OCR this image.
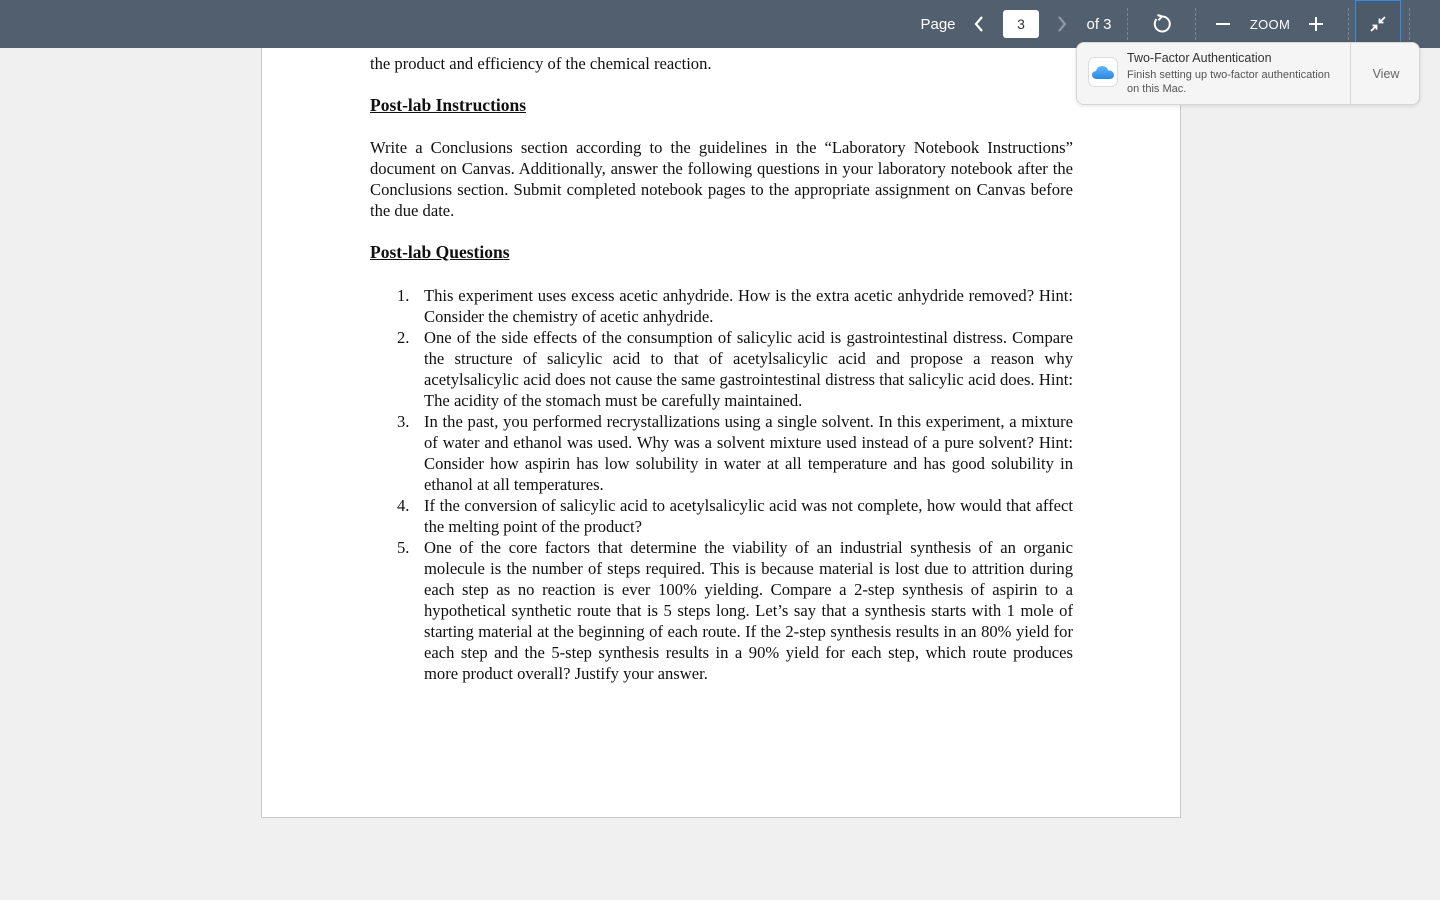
the product and efficiency of the chemical reaction.
Post-lab Instructions
Write a Conclusions section according to the guidelines in the “Laboratory Notebook Instructions” document on Canvas. Additionally, answer the following questions in your laboratory notebook after the Conclusions section. Submit completed notebook pages to the appropriate assignment on Canvas before the due date.
Post-lab Questions
1. This experiment uses excess acetic anhydride. How is the extra acetic anhydride removed? Hint: Consider the chemistry of acetic anhydride.
2. One of the side effects of the consumption of salicylic acid is gastrointestinal distress. Compare the structure of salicylic acid to that of acetylsalicylic acid and propose a reason why acetylsalicylic acid does not cause the same gastrointestinal distress that salicylic acid does. Hint: The acidity of the stomach must be carefully maintained.
3. In the past, you performed recrystallizations using a single solvent. In this experiment, a mixture of water and ethanol was used. Why was a solvent mixture used instead of a pure solvent? Hint: Consider how aspirin has low solubility in water at all temperature and has good solubility in ethanol at all temperatures.
4. If the conversion of salicylic acid to acetylsalicylic acid was not complete, how would that affect the melting point of the product?
5. One of the core factors that determine the viability of an industrial synthesis of an organic molecule is the number of steps required. This is because material is lost due to attrition during each step as no reaction is ever 100% yielding. Compare a 2-step synthesis of aspirin to a hypothetical synthetic route that is 5 steps long. Let’s say that a synthesis starts with 1 mole of starting material at the beginning of each route. If the 2-step synthesis results in an 80% yield for each step and the 5-step synthesis results in a 90% yield for each step, which route produces more product overall? Justify your answer.
Page	3	of 3	ZOOM
Two-Factor Authentication
Finish setting up two-factor authentication on this Mac.
View
